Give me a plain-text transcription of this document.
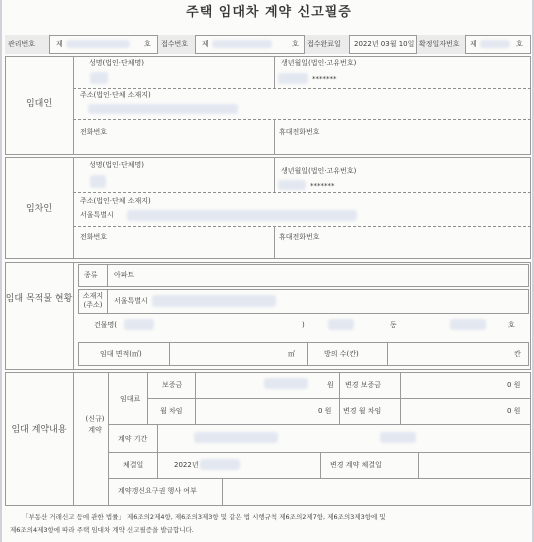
주택 임대차 계약 신고필증
관리번호	제	호 접수번호 제	호 접수완료일 2022년 03월 10일 확정일자번호 제	호
임대인
성명(법인·단체명)	생년월일(법인·고유번호)
*******
주소(법인·단체 소재지)
전화번호	휴대전화번호
임차인
성명(법인·단체명)
생년월일(법인·고유번호)
*******
주소(법인·단체 소재지)
서울특별시
전화번호	휴대전화번호
임대 목적물 현황
종류 아파트
소재지 (주소)
서울특별시
건물명(	)	동	호
임대 면적(㎡)	㎡	방의 수(칸)	칸
임대 계약내용
(신규) 계약
임대료
보증금	원 변경 보증금	0 원
월 차임	0 원 변경 월 차임	0 원
계약 기간
체결일	2022년	변경 계약 체결일
계약갱신요구권 행사 여부
「부동산 거래신고 등에 관한 법률」 제6조의2제4항, 제6조의3제3항 및 같은 법 시행규칙 제6조의2제7항, 제6조의3제3항에 및
제6조의4제3항에 따라 주택 임대차 계약 신고필증을 발급합니다.
